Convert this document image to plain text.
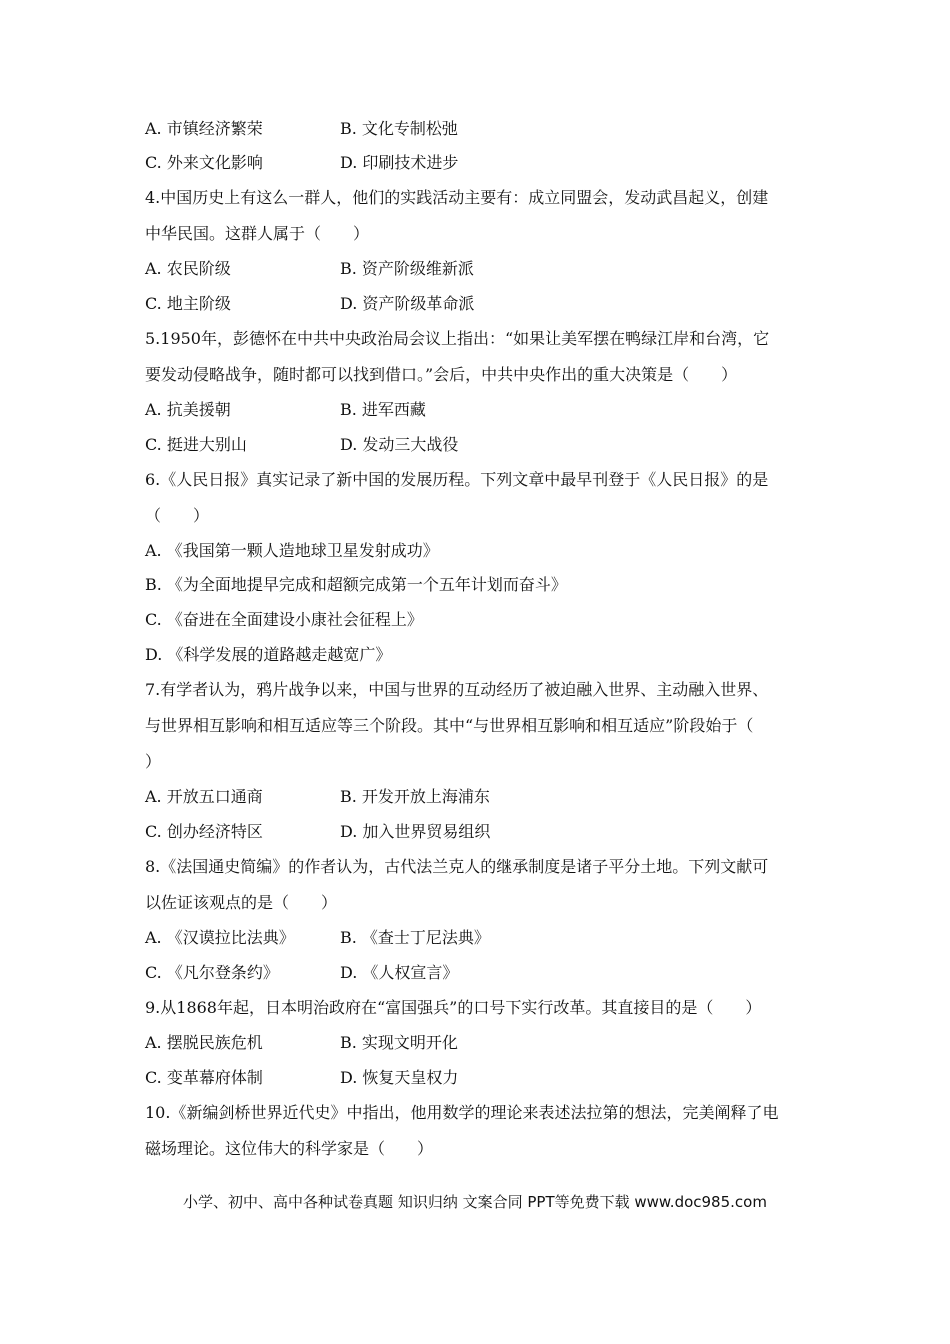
A. 市镇经济繁荣	B. 文化专制松弛
C. 外来文化影响	D. 印刷技术进步
4.中国历史上有这么一群人，他们的实践活动主要有：成立同盟会，发动武昌起义，创建
中华民国。这群人属于（　　）
A. 农民阶级	B. 资产阶级维新派
C. 地主阶级	D. 资产阶级革命派
5.1950年，彭德怀在中共中央政治局会议上指出：“如果让美军摆在鸭绿江岸和台湾，它
要发动侵略战争，随时都可以找到借口。”会后，中共中央作出的重大决策是（　　）
A. 抗美援朝	B. 进军西藏
C. 挺进大别山	D. 发动三大战役
6.《人民日报》真实记录了新中国的发展历程。下列文章中最早刊登于《人民日报》的是
（　　）
A. 《我国第一颗人造地球卫星发射成功》
B. 《为全面地提早完成和超额完成第一个五年计划而奋斗》
C. 《奋进在全面建设小康社会征程上》
D. 《科学发展的道路越走越宽广》
7.有学者认为，鸦片战争以来，中国与世界的互动经历了被迫融入世界、主动融入世界、
与世界相互影响和相互适应等三个阶段。其中“与世界相互影响和相互适应”阶段始于（
）
A. 开放五口通商	B. 开发开放上海浦东
C. 创办经济特区	D. 加入世界贸易组织
8.《法国通史简编》的作者认为，古代法兰克人的继承制度是诸子平分土地。下列文献可
以佐证该观点的是（　　）
A. 《汉谟拉比法典》	B. 《查士丁尼法典》
C. 《凡尔登条约》	D. 《人权宣言》
9.从1868年起，日本明治政府在“富国强兵”的口号下实行改革。其直接目的是（　　）
A. 摆脱民族危机	B. 实现文明开化
C. 变革幕府体制	D. 恢复天皇权力
10.《新编剑桥世界近代史》中指出，他用数学的理论来表述法拉第的想法，完美阐释了电
磁场理论。这位伟大的科学家是（　　）
小学、初中、高中各种试卷真题 知识归纳 文案合同 PPT等免费下载 www.doc985.com
